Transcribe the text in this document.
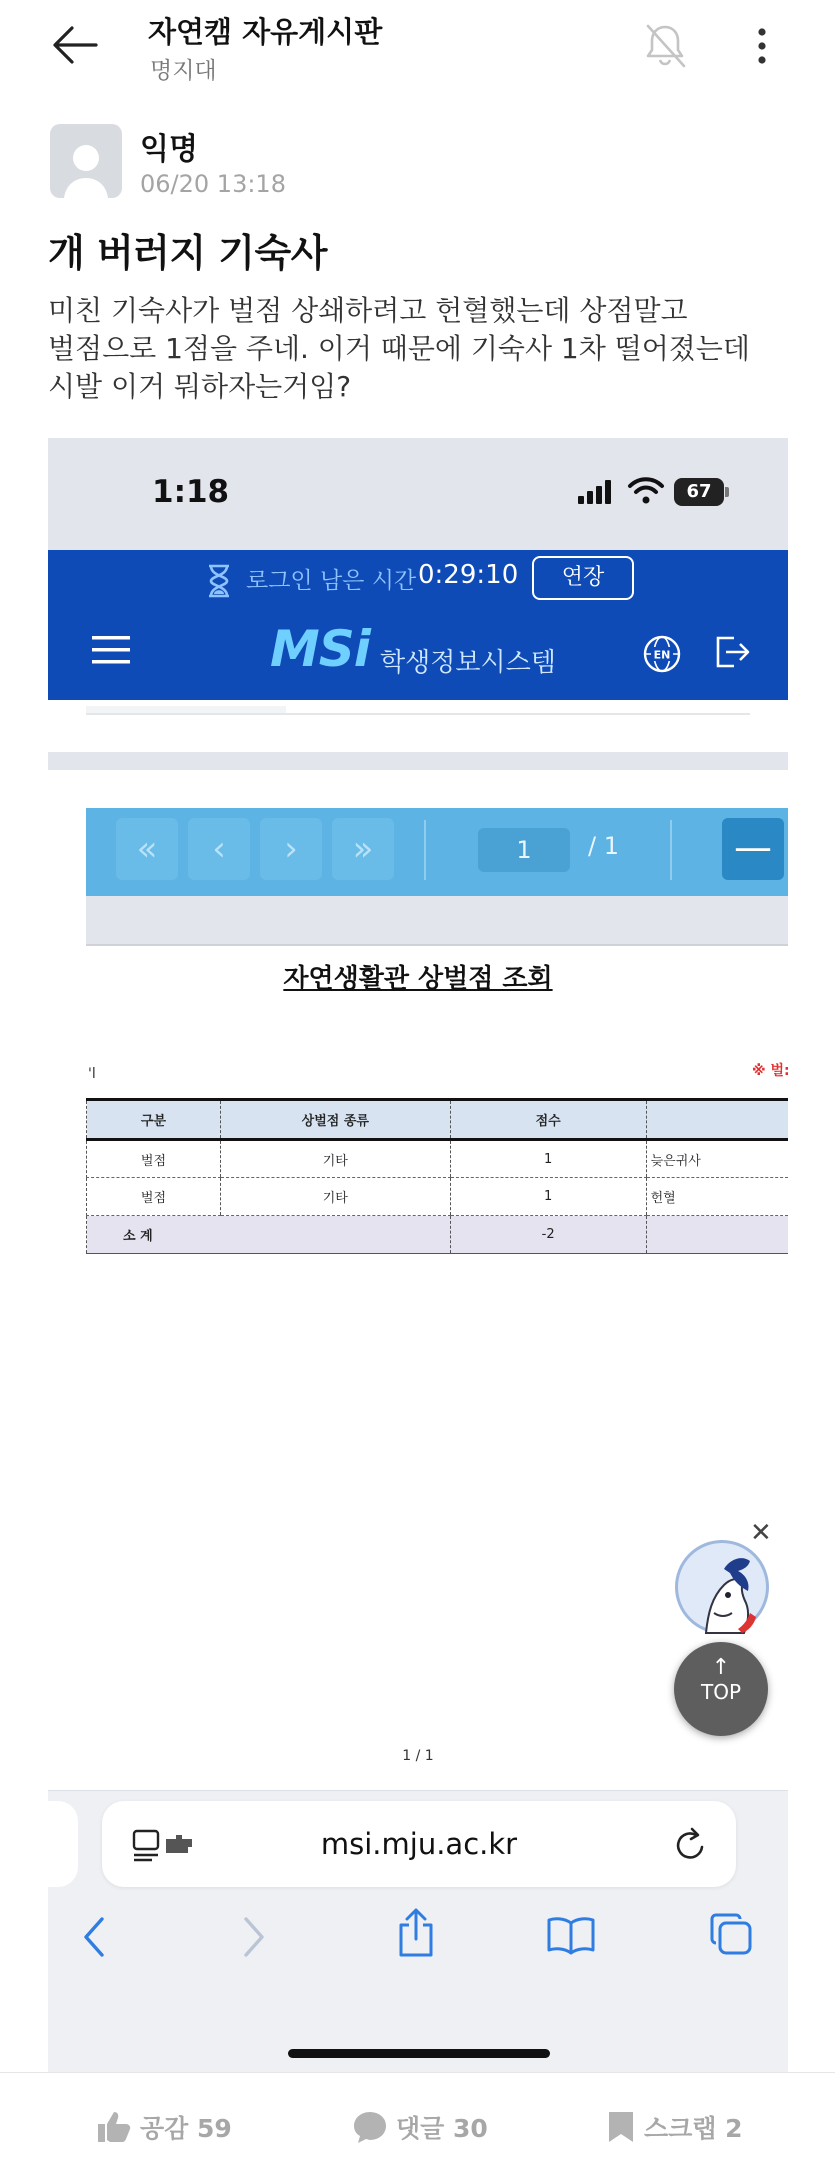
자연캠 자유게시판
명지대
익명
06/20 13:18
개 버러지 기숙사
미친 기숙사가 벌점 상쇄하려고 헌혈했는데 상점말고
벌점으로 1점을 주네. 이거 때문에 기숙사 1차 떨어졌는데
시발 이거 뭐하자는거임?
1:18	67
로그인 남은 시간 0:29:10	연장
MSi 학생정보시스템	EN
«	‹	›	»	1	/ 1	— ›
자연생활관 상벌점 조회
'l	※ 벌:
구분	상벌점 종류	점수	
벌점	기타	1	늦은귀사
벌점	기타	1	헌혈
소 계		-2	
✕
↑
TOP
1 / 1
msi.mju.ac.kr
공감 59	댓글 30	스크랩 2
